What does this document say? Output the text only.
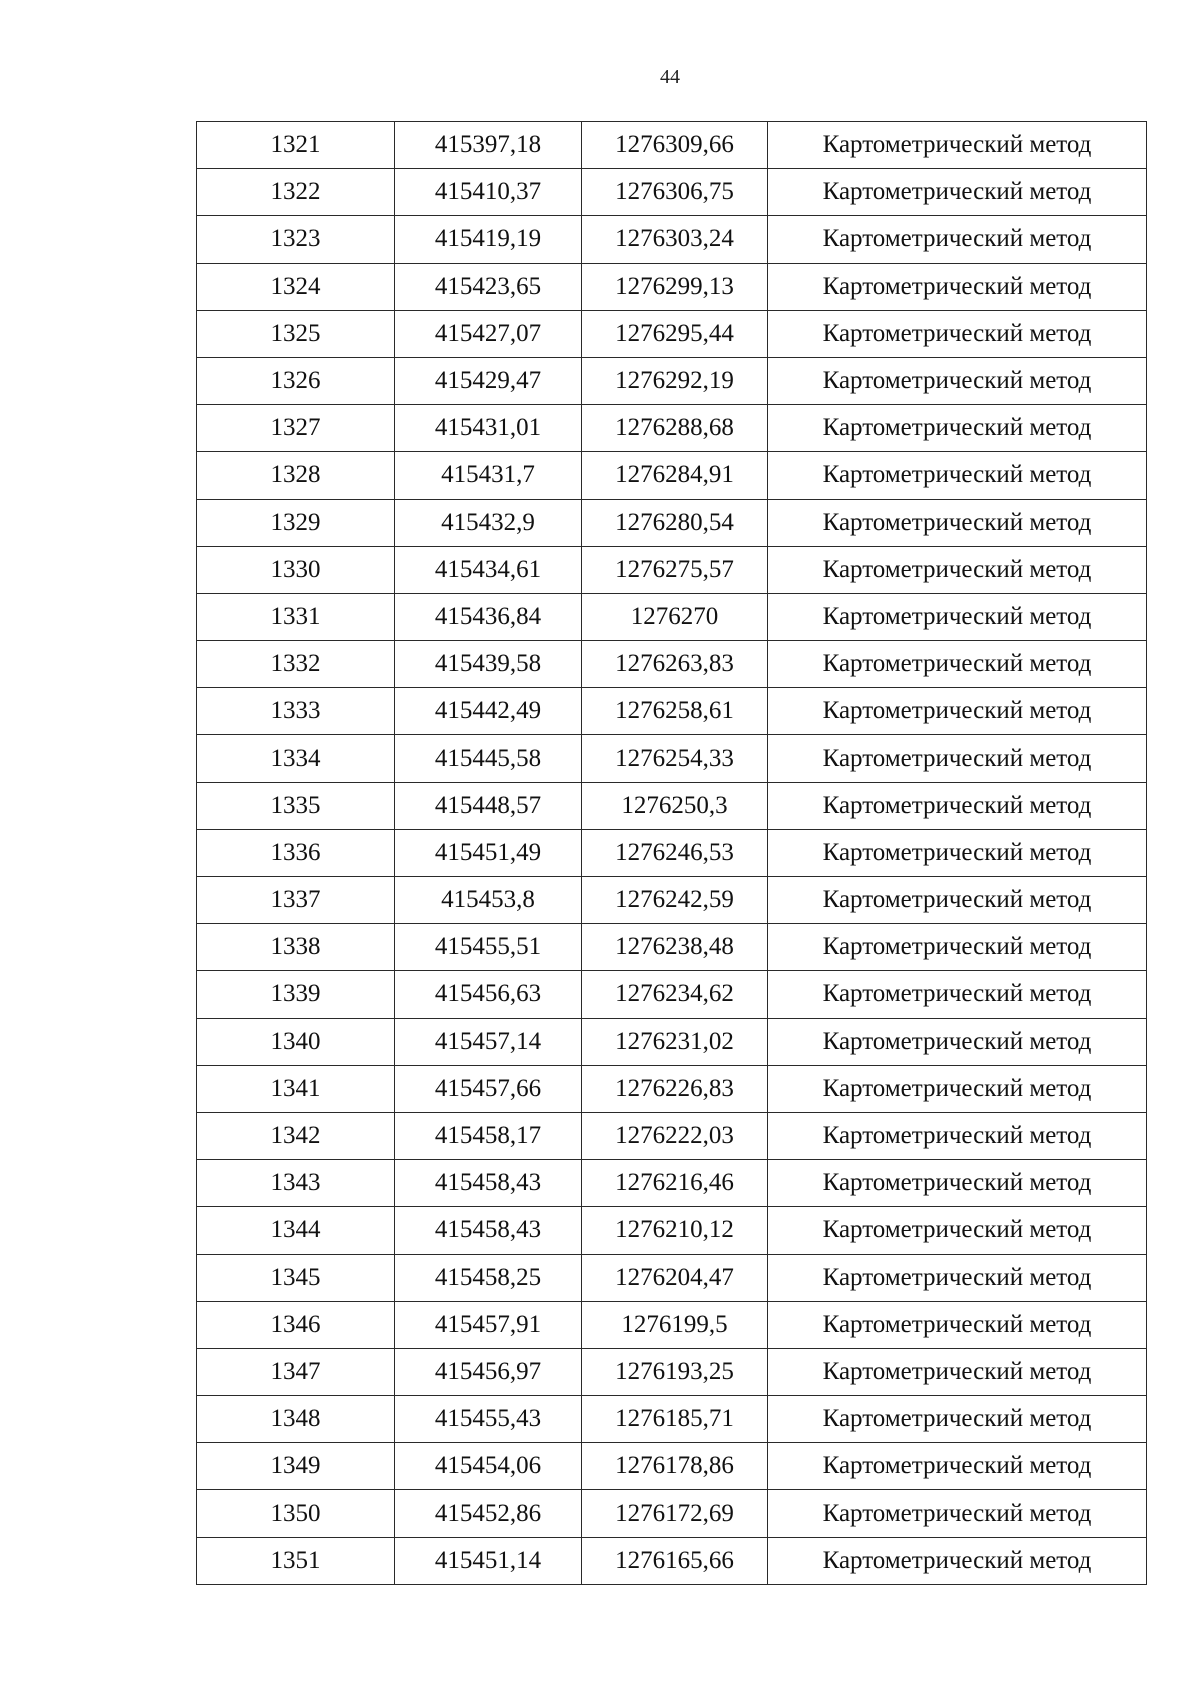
44
1321	415397,18	1276309,66	Картометрический метод
1322	415410,37	1276306,75	Картометрический метод
1323	415419,19	1276303,24	Картометрический метод
1324	415423,65	1276299,13	Картометрический метод
1325	415427,07	1276295,44	Картометрический метод
1326	415429,47	1276292,19	Картометрический метод
1327	415431,01	1276288,68	Картометрический метод
1328	415431,7	1276284,91	Картометрический метод
1329	415432,9	1276280,54	Картометрический метод
1330	415434,61	1276275,57	Картометрический метод
1331	415436,84	1276270	Картометрический метод
1332	415439,58	1276263,83	Картометрический метод
1333	415442,49	1276258,61	Картометрический метод
1334	415445,58	1276254,33	Картометрический метод
1335	415448,57	1276250,3	Картометрический метод
1336	415451,49	1276246,53	Картометрический метод
1337	415453,8	1276242,59	Картометрический метод
1338	415455,51	1276238,48	Картометрический метод
1339	415456,63	1276234,62	Картометрический метод
1340	415457,14	1276231,02	Картометрический метод
1341	415457,66	1276226,83	Картометрический метод
1342	415458,17	1276222,03	Картометрический метод
1343	415458,43	1276216,46	Картометрический метод
1344	415458,43	1276210,12	Картометрический метод
1345	415458,25	1276204,47	Картометрический метод
1346	415457,91	1276199,5	Картометрический метод
1347	415456,97	1276193,25	Картометрический метод
1348	415455,43	1276185,71	Картометрический метод
1349	415454,06	1276178,86	Картометрический метод
1350	415452,86	1276172,69	Картометрический метод
1351	415451,14	1276165,66	Картометрический метод
